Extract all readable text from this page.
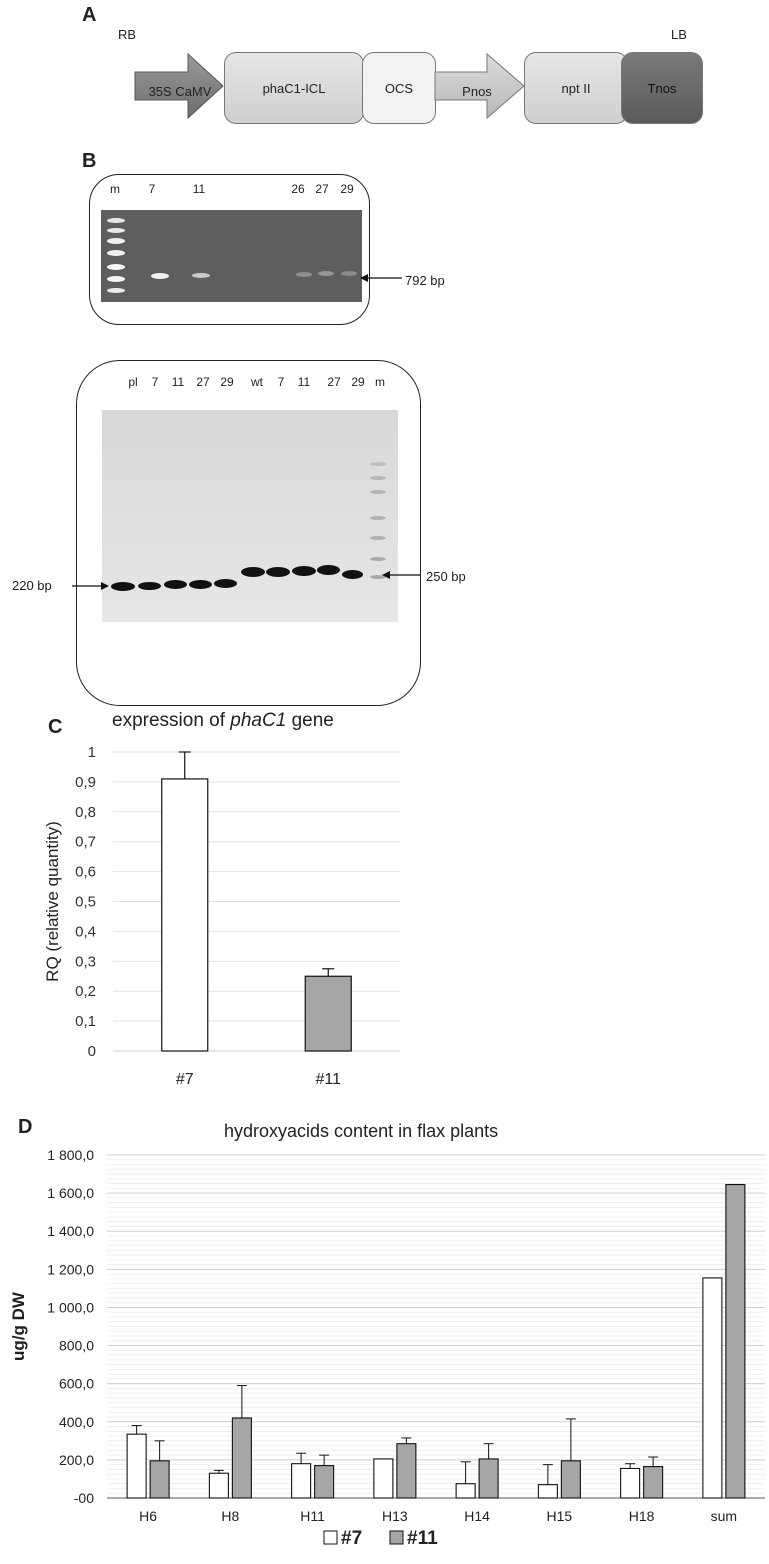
A
RB	LB
35S CaMV	phaC1-ICL	OCS	Pnos	npt II	Tnos
B
m	7	11	26 27 29
792 bp
pl	7	11	27 29	wt	7	11	27 29 m
220 bp
250 bp
C	expression of phaC1 gene
0
0,1
0,2
0,3
0,4
0,5
0,6
0,7
0,8
0,9
1
#7	#11
RQ (relative quantity)
D	hydroxyacids content in flax plants
-00
200,0
400,0
600,0
800,0
1 000,0
1 200,0
1 400,0
1 600,0
1 800,0
H6	H8	H11	H13	H14	H15	H18	sum
ug/g DW
#7 #11
